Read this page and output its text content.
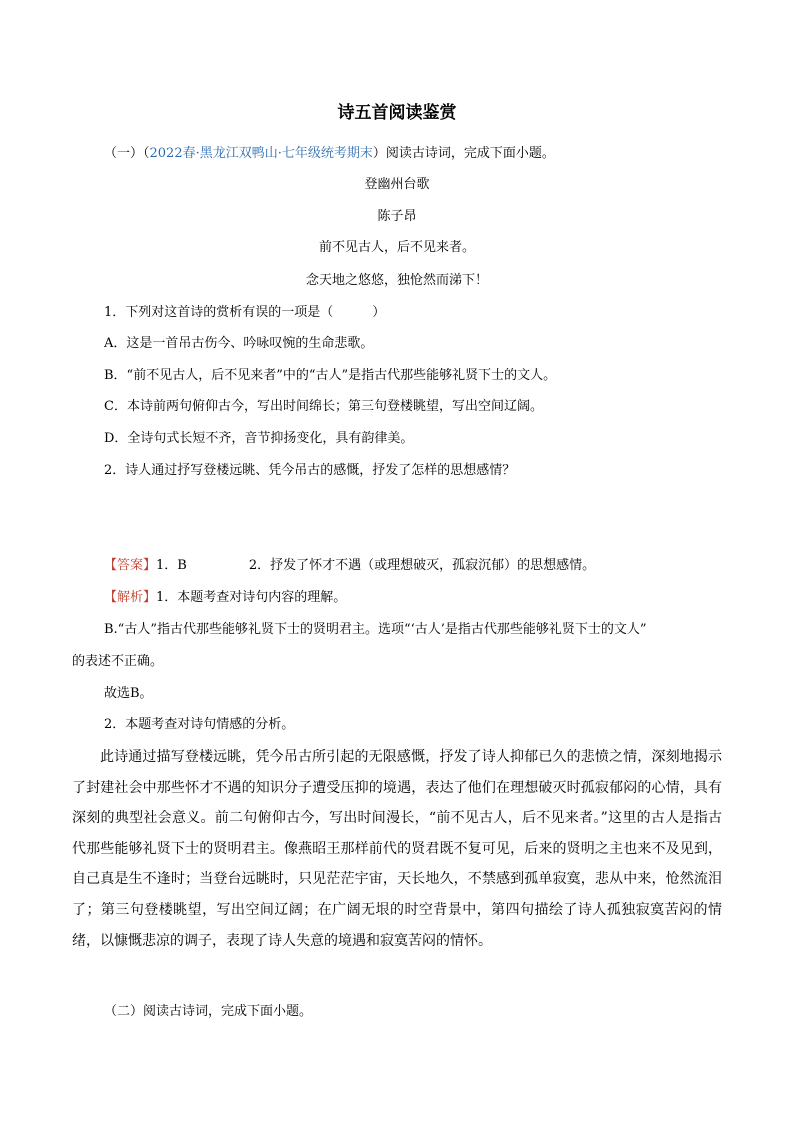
诗五首阅读鉴赏
（一）（2022春·黑龙江双鸭山·七年级统考期末）阅读古诗词，完成下面小题。
登幽州台歌
陈子昂
前不见古人，后不见来者。
念天地之悠悠，独怆然而涕下！
1．下列对这首诗的赏析有误的一项是（　　　）
A．这是一首吊古伤今、吟咏叹惋的生命悲歌。
B．“前不见古人，后不见来者”中的“古人”是指古代那些能够礼贤下士的文人。
C．本诗前两句俯仰古今，写出时间绵长；第三句登楼眺望，写出空间辽阔。
D．全诗句式长短不齐，音节抑扬变化，具有韵律美。
2．诗人通过抒写登楼远眺、凭今吊古的感慨，抒发了怎样的思想感情？
【答案】1．B	2．抒发了怀才不遇（或理想破灭，孤寂沉郁）的思想感情。
【解析】1．本题考查对诗句内容的理解。
B.“古人”指古代那些能够礼贤下士的贤明君主。选项“‘古人’是指古代那些能够礼贤下士的文人”
的表述不正确。
故选B。
2．本题考查对诗句情感的分析。

此诗通过描写登楼远眺，凭今吊古所引起的无限感慨，抒发了诗人抑郁已久的悲愤之情，深刻地揭示了封建社会中那些怀才不遇的知识分子遭受压抑的境遇，表达了他们在理想破灭时孤寂郁闷的心情，具有深刻的典型社会意义。前二句俯仰古今，写出时间漫长，“前不见古人，后不见来者。”这里的古人是指古代那些能够礼贤下士的贤明君主。像燕昭王那样前代的贤君既不复可见，后来的贤明之主也来不及见到，自己真是生不逢时；当登台远眺时，只见茫茫宇宙，天长地久，不禁感到孤单寂寞，悲从中来，怆然流泪了；第三句登楼眺望，写出空间辽阔；在广阔无垠的时空背景中，第四句描绘了诗人孤独寂寞苦闷的情绪，以慷慨悲凉的调子，表现了诗人失意的境遇和寂寞苦闷的情怀。

（二）阅读古诗词，完成下面小题。
